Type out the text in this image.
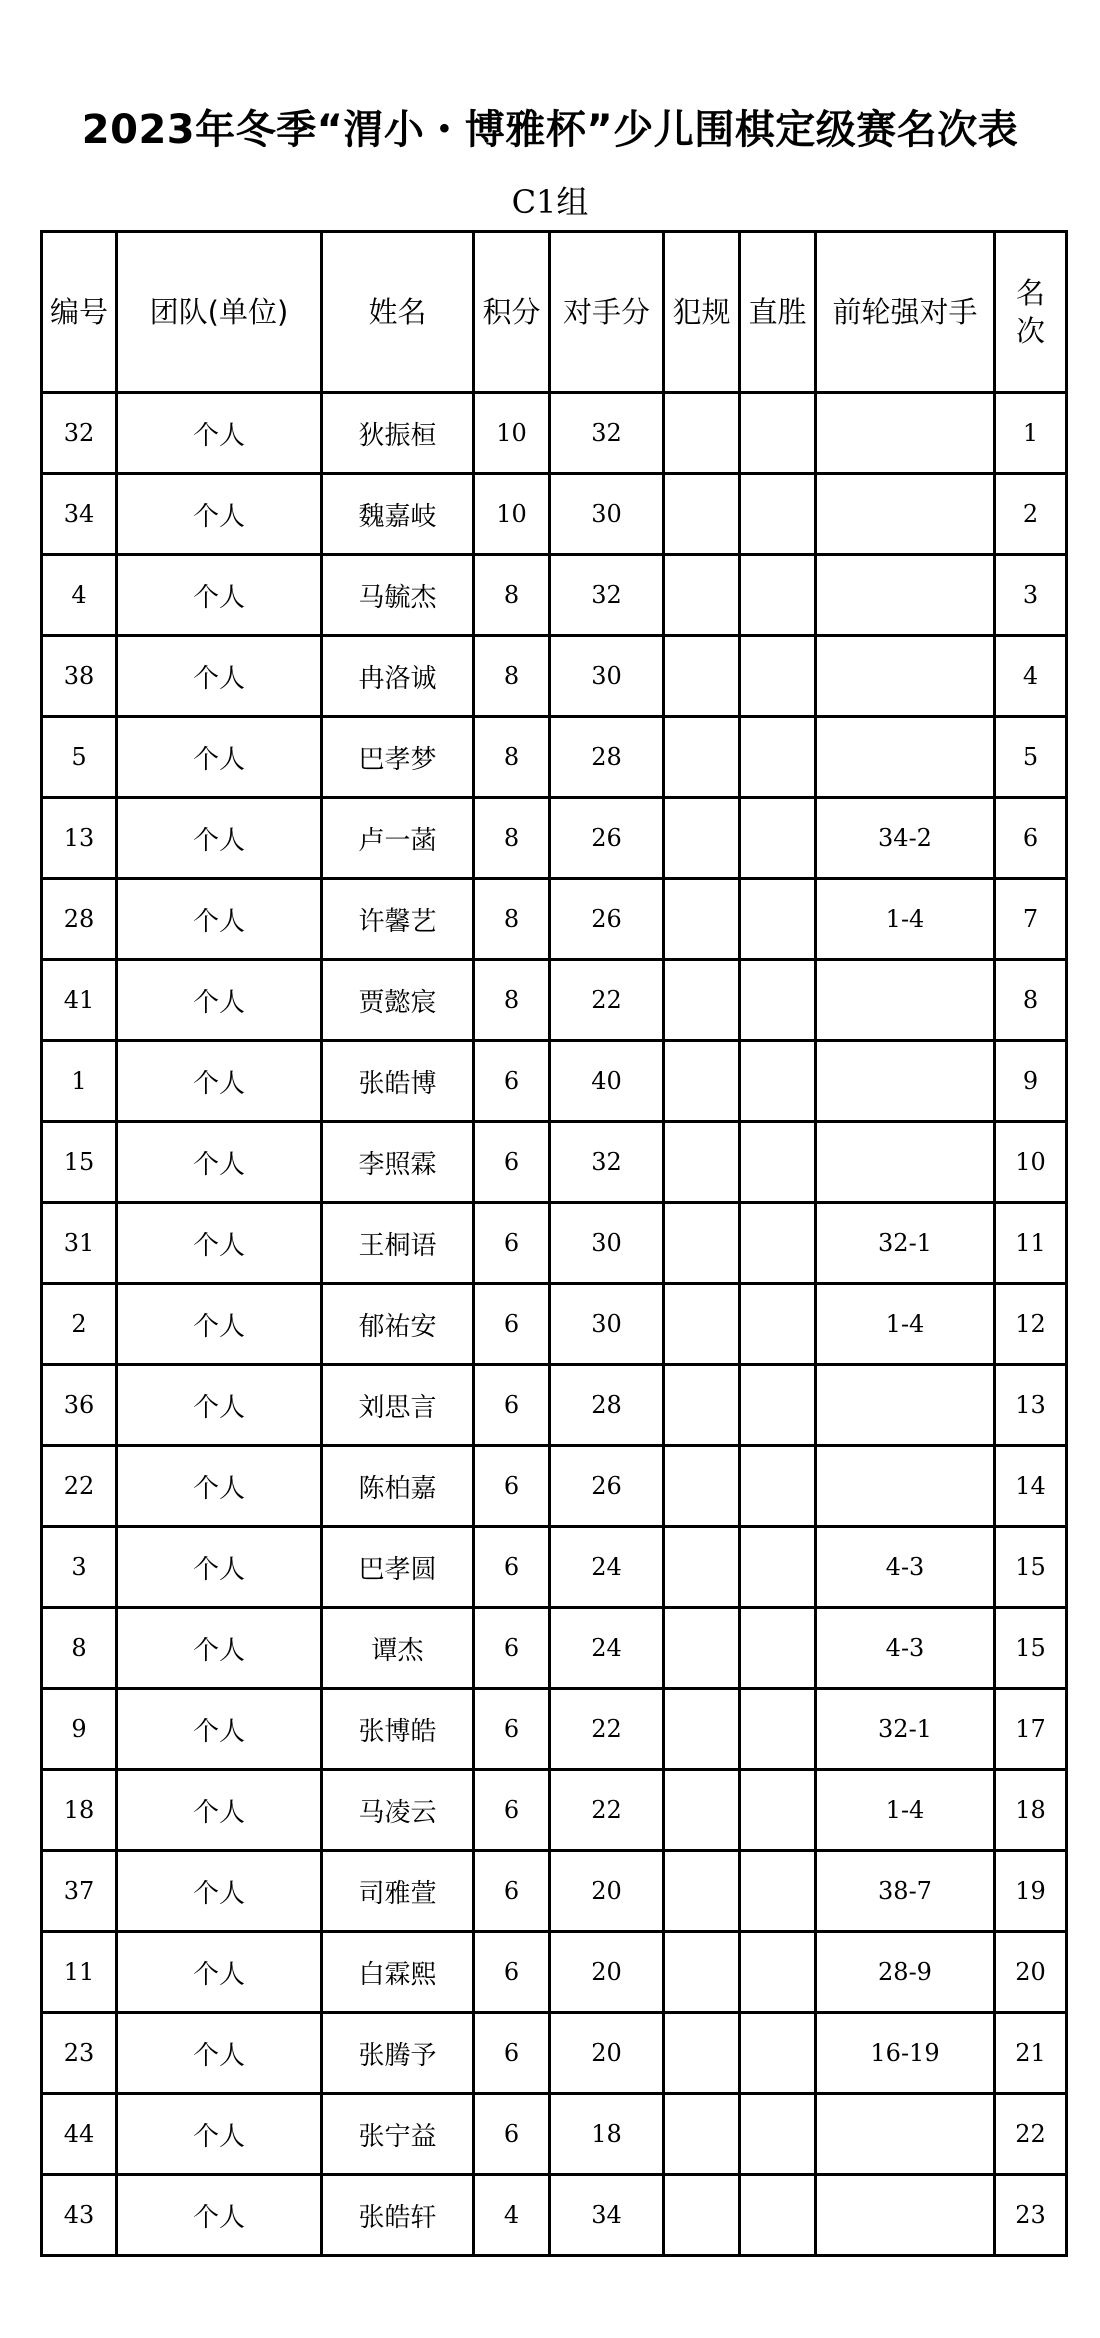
2023年冬季“渭小・博雅杯”少儿围棋定级赛名次表
C1组
编号	团队(单位)	姓名	积分	对手分	犯规	直胜	前轮强对手	名
次

32	个人	狄振桓	10	32				1
34	个人	魏嘉岐	10	30				2
4	个人	马毓杰	8	32				3
38	个人	冉洛诚	8	30				4
5	个人	巴孝梦	8	28				5
13	个人	卢一菡	8	26			34-2	6
28	个人	许馨艺	8	26			1-4	7
41	个人	贾懿宸	8	22				8
1	个人	张皓博	6	40				9
15	个人	李照霖	6	32				10
31	个人	王桐语	6	30			32-1	11
2	个人	郁祐安	6	30			1-4	12
36	个人	刘思言	6	28				13
22	个人	陈柏嘉	6	26				14
3	个人	巴孝圆	6	24			4-3	15
8	个人	谭杰	6	24			4-3	15
9	个人	张博皓	6	22			32-1	17
18	个人	马凌云	6	22			1-4	18
37	个人	司雅萱	6	20			38-7	19
11	个人	白霖熙	6	20			28-9	20
23	个人	张腾予	6	20			16-19	21
44	个人	张宁益	6	18				22
43	个人	张皓轩	4	34				23
